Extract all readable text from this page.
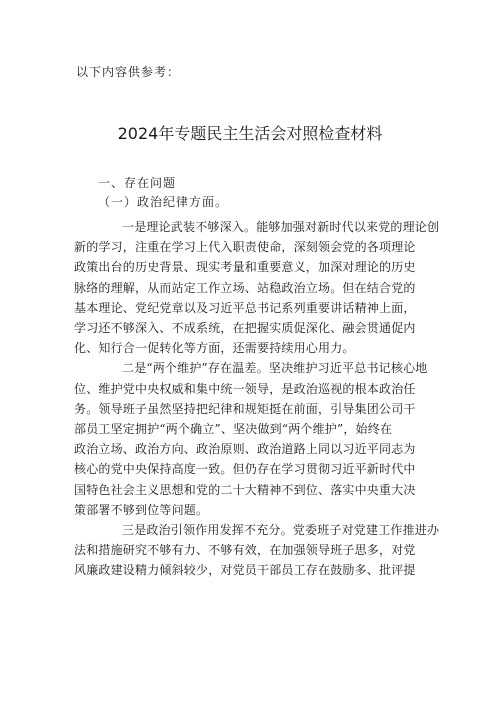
以下内容供参考：
2024年专题民主生活会对照检查材料
一、存在问题
（一）政治纪律方面。
一是理论武装不够深入。能够加强对新时代以来党的理论创
新的学习，注重在学习上代入职责使命，深刻领会党的各项理论
政策出台的历史背景、现实考量和重要意义，加深对理论的历史
脉络的理解，从而站定工作立场、站稳政治立场。但在结合党的
基本理论、党纪党章以及习近平总书记系列重要讲话精神上面，
学习还不够深入、不成系统，在把握实质促深化、融会贯通促内
化、知行合一促转化等方面，还需要持续用心用力。
二是“两个维护”存在温差。坚决维护习近平总书记核心地
位、维护党中央权威和集中统一领导，是政治巡视的根本政治任
务。领导班子虽然坚持把纪律和规矩挺在前面，引导集团公司干
部员工坚定拥护“两个确立”、坚决做到“两个维护”，始终在
政治立场、政治方向、政治原则、政治道路上同以习近平同志为
核心的党中央保持高度一致。但仍存在学习贯彻习近平新时代中
国特色社会主义思想和党的二十大精神不到位、落实中央重大决
策部署不够到位等问题。
三是政治引领作用发挥不充分。党委班子对党建工作推进办
法和措施研究不够有力、不够有效，在加强领导班子思多，对党
风廉政建设精力倾斜较少，对党员干部员工存在鼓励多、批评提
